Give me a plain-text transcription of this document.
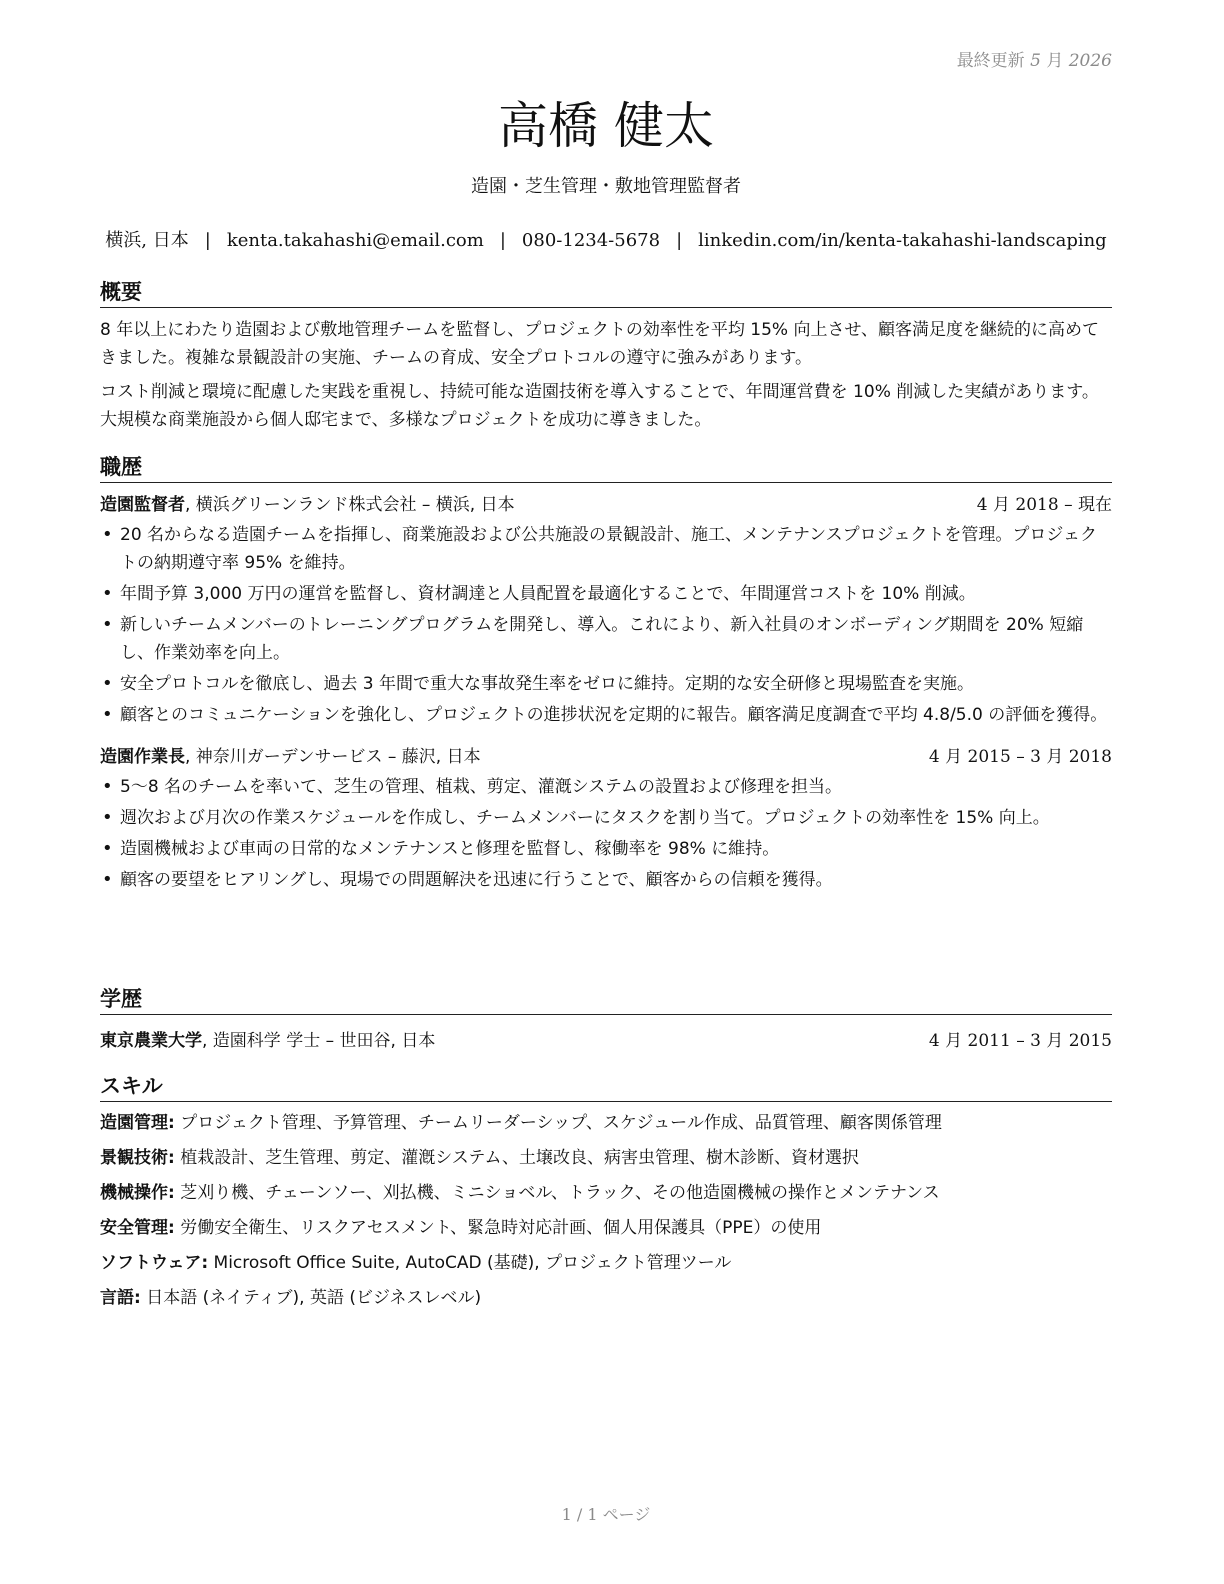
最終更新 5 月 2026
高橋 健太
造園・芝生管理・敷地管理監督者
横浜, 日本 | kenta.takahashi@email.com | 080-1234-5678 | linkedin.com/in/kenta-takahashi-landscaping
概要

8 年以上にわたり造園および敷地管理チームを監督し、プロジェクトの効率性を平均 15% 向上させ、顧客満足度を継続的に高めてきました。複雑な景観設計の実施、チームの育成、安全プロトコルの遵守に強みがあります。

コスト削減と環境に配慮した実践を重視し、持続可能な造園技術を導入することで、年間運営費を 10% 削減した実績があります。大規模な商業施設から個人邸宅まで、多様なプロジェクトを成功に導きました。

職歴
造園監督者, 横浜グリーンランド株式会社 – 横浜, 日本	4 月 2018 – 現在
• 20 名からなる造園チームを指揮し、商業施設および公共施設の景観設計、施工、メンテナンスプロジェクトを管理。プロジェクトの納期遵守率 95% を維持。
• 年間予算 3,000 万円の運営を監督し、資材調達と人員配置を最適化することで、年間運営コストを 10% 削減。
• 新しいチームメンバーのトレーニングプログラムを開発し、導入。これにより、新入社員のオンボーディング期間を 20% 短縮し、作業効率を向上。
• 安全プロトコルを徹底し、過去 3 年間で重大な事故発生率をゼロに維持。定期的な安全研修と現場監査を実施。
• 顧客とのコミュニケーションを強化し、プロジェクトの進捗状況を定期的に報告。顧客満足度調査で平均 4.8/5.0 の評価を獲得。
造園作業長, 神奈川ガーデンサービス – 藤沢, 日本	4 月 2015 – 3 月 2018
• 5〜8 名のチームを率いて、芝生の管理、植栽、剪定、灌漑システムの設置および修理を担当。
• 週次および月次の作業スケジュールを作成し、チームメンバーにタスクを割り当て。プロジェクトの効率性を 15% 向上。
• 造園機械および車両の日常的なメンテナンスと修理を監督し、稼働率を 98% に維持。
• 顧客の要望をヒアリングし、現場での問題解決を迅速に行うことで、顧客からの信頼を獲得。
学歴
東京農業大学, 造園科学 学士 – 世田谷, 日本	4 月 2011 – 3 月 2015
スキル
造園管理: プロジェクト管理、予算管理、チームリーダーシップ、スケジュール作成、品質管理、顧客関係管理
景観技術: 植栽設計、芝生管理、剪定、灌漑システム、土壌改良、病害虫管理、樹木診断、資材選択
機械操作: 芝刈り機、チェーンソー、刈払機、ミニショベル、トラック、その他造園機械の操作とメンテナンス
安全管理: 労働安全衛生、リスクアセスメント、緊急時対応計画、個人用保護具（PPE）の使用
ソフトウェア: Microsoft Office Suite, AutoCAD (基礎), プロジェクト管理ツール
言語: 日本語 (ネイティブ), 英語 (ビジネスレベル)
1 / 1 ページ
